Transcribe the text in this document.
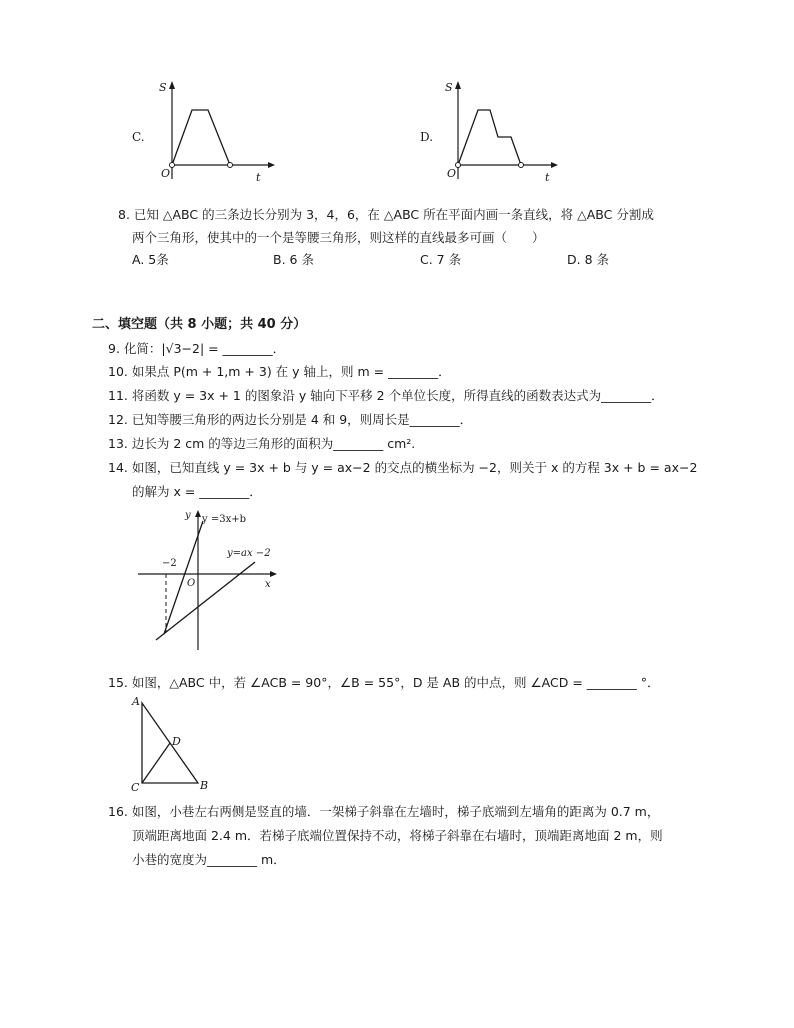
C.
S
t
O
D.
S
t
O
8. 已知 △ABC 的三条边长分别为 3，4，6，在 △ABC 所在平面内画一条直线，将 △ABC 分割成
两个三角形，使其中的一个是等腰三角形，则这样的直线最多可画（　　）
A. 5条	B. 6 条	C. 7 条	D. 8 条
二、填空题（共 8 小题；共 40 分）
9. 化简：|√3−2| = ________．
10. 如果点 P(m + 1,m + 3) 在 y 轴上，则 m = ________．
11. 将函数 y = 3x + 1 的图象沿 y 轴向下平移 2 个单位长度，所得直线的函数表达式为________．
12. 已知等腰三角形的两边长分别是 4 和 9，则周长是________．
13. 边长为 2 cm 的等边三角形的面积为________ cm².
14. 如图，已知直线 y = 3x + b 与 y = ax−2 的交点的横坐标为 −2，则关于 x 的方程 3x + b = ax−2
的解为 x = ________．
y y =3x+b
y=ax −2
x
O
−2
15. 如图，△ABC 中，若 ∠ACB = 90°，∠B = 55°，D 是 AB 的中点，则 ∠ACD = ________ °．
A
D
C	B
16. 如图，小巷左右两侧是竖直的墙．一架梯子斜靠在左墙时，梯子底端到左墙角的距离为 0.7 m，
顶端距离地面 2.4 m．若梯子底端位置保持不动，将梯子斜靠在右墙时，顶端距离地面 2 m，则
小巷的宽度为________ m．
